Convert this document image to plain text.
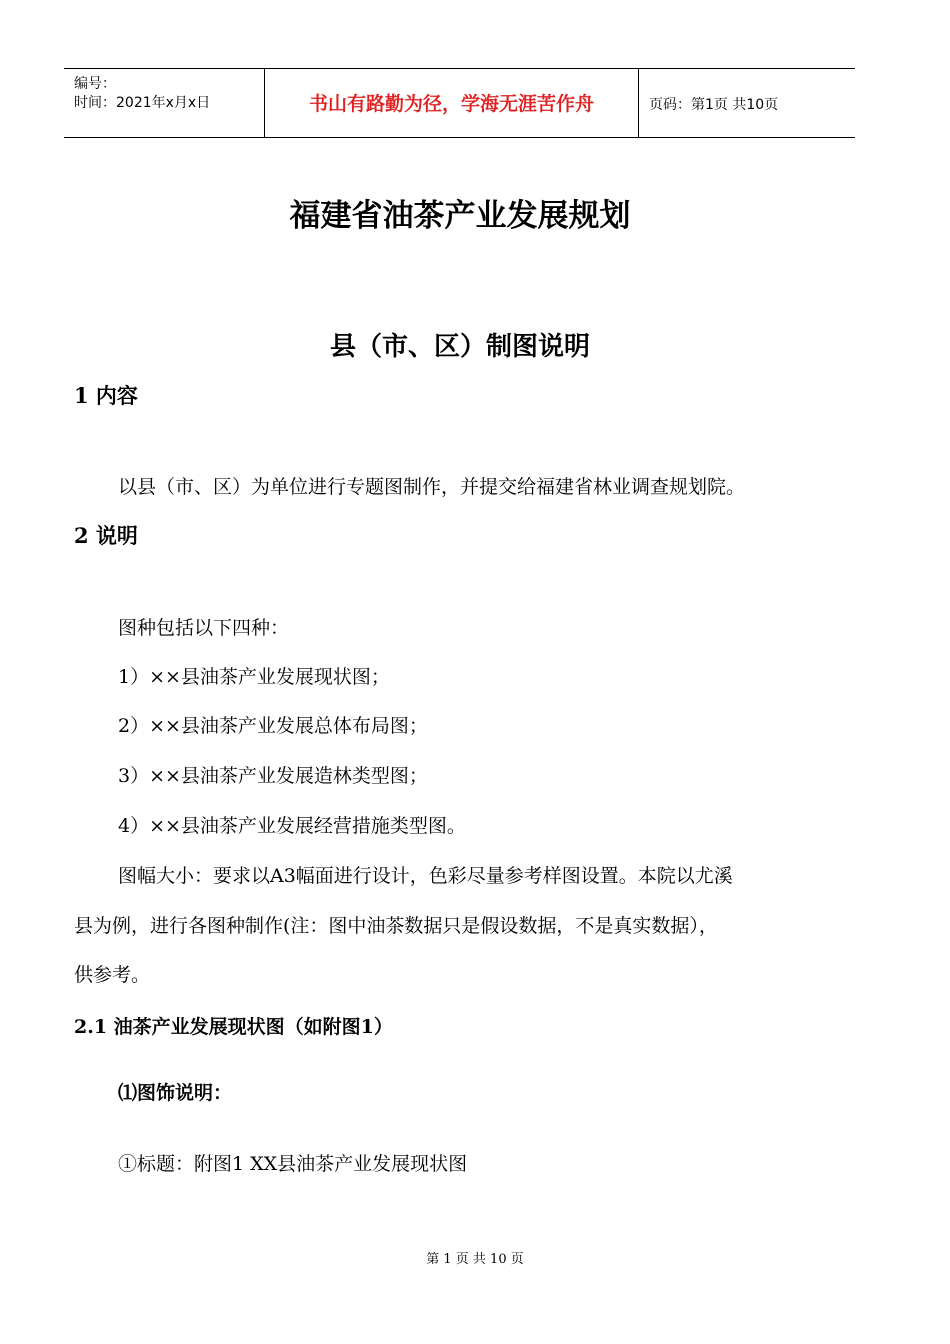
编号：
时间：2021年x月x日	书山有路勤为径，学海无涯苦作舟	页码：第1页 共10页
福建省油茶产业发展规划
县（市、区）制图说明
1 内容
以县（市、区）为单位进行专题图制作，并提交给福建省林业调查规划院。
2 说明
图种包括以下四种：
1）××县油茶产业发展现状图；
2）××县油茶产业发展总体布局图；
3）××县油茶产业发展造林类型图；
4）××县油茶产业发展经营措施类型图。
图幅大小：要求以A3幅面进行设计，色彩尽量参考样图设置。本院以尤溪
县为例，进行各图种制作(注：图中油茶数据只是假设数据，不是真实数据），
供参考。
2.1 油茶产业发展现状图（如附图1）
⑴图饰说明：
①标题：附图1 XX县油茶产业发展现状图
第 1 页 共 10 页
